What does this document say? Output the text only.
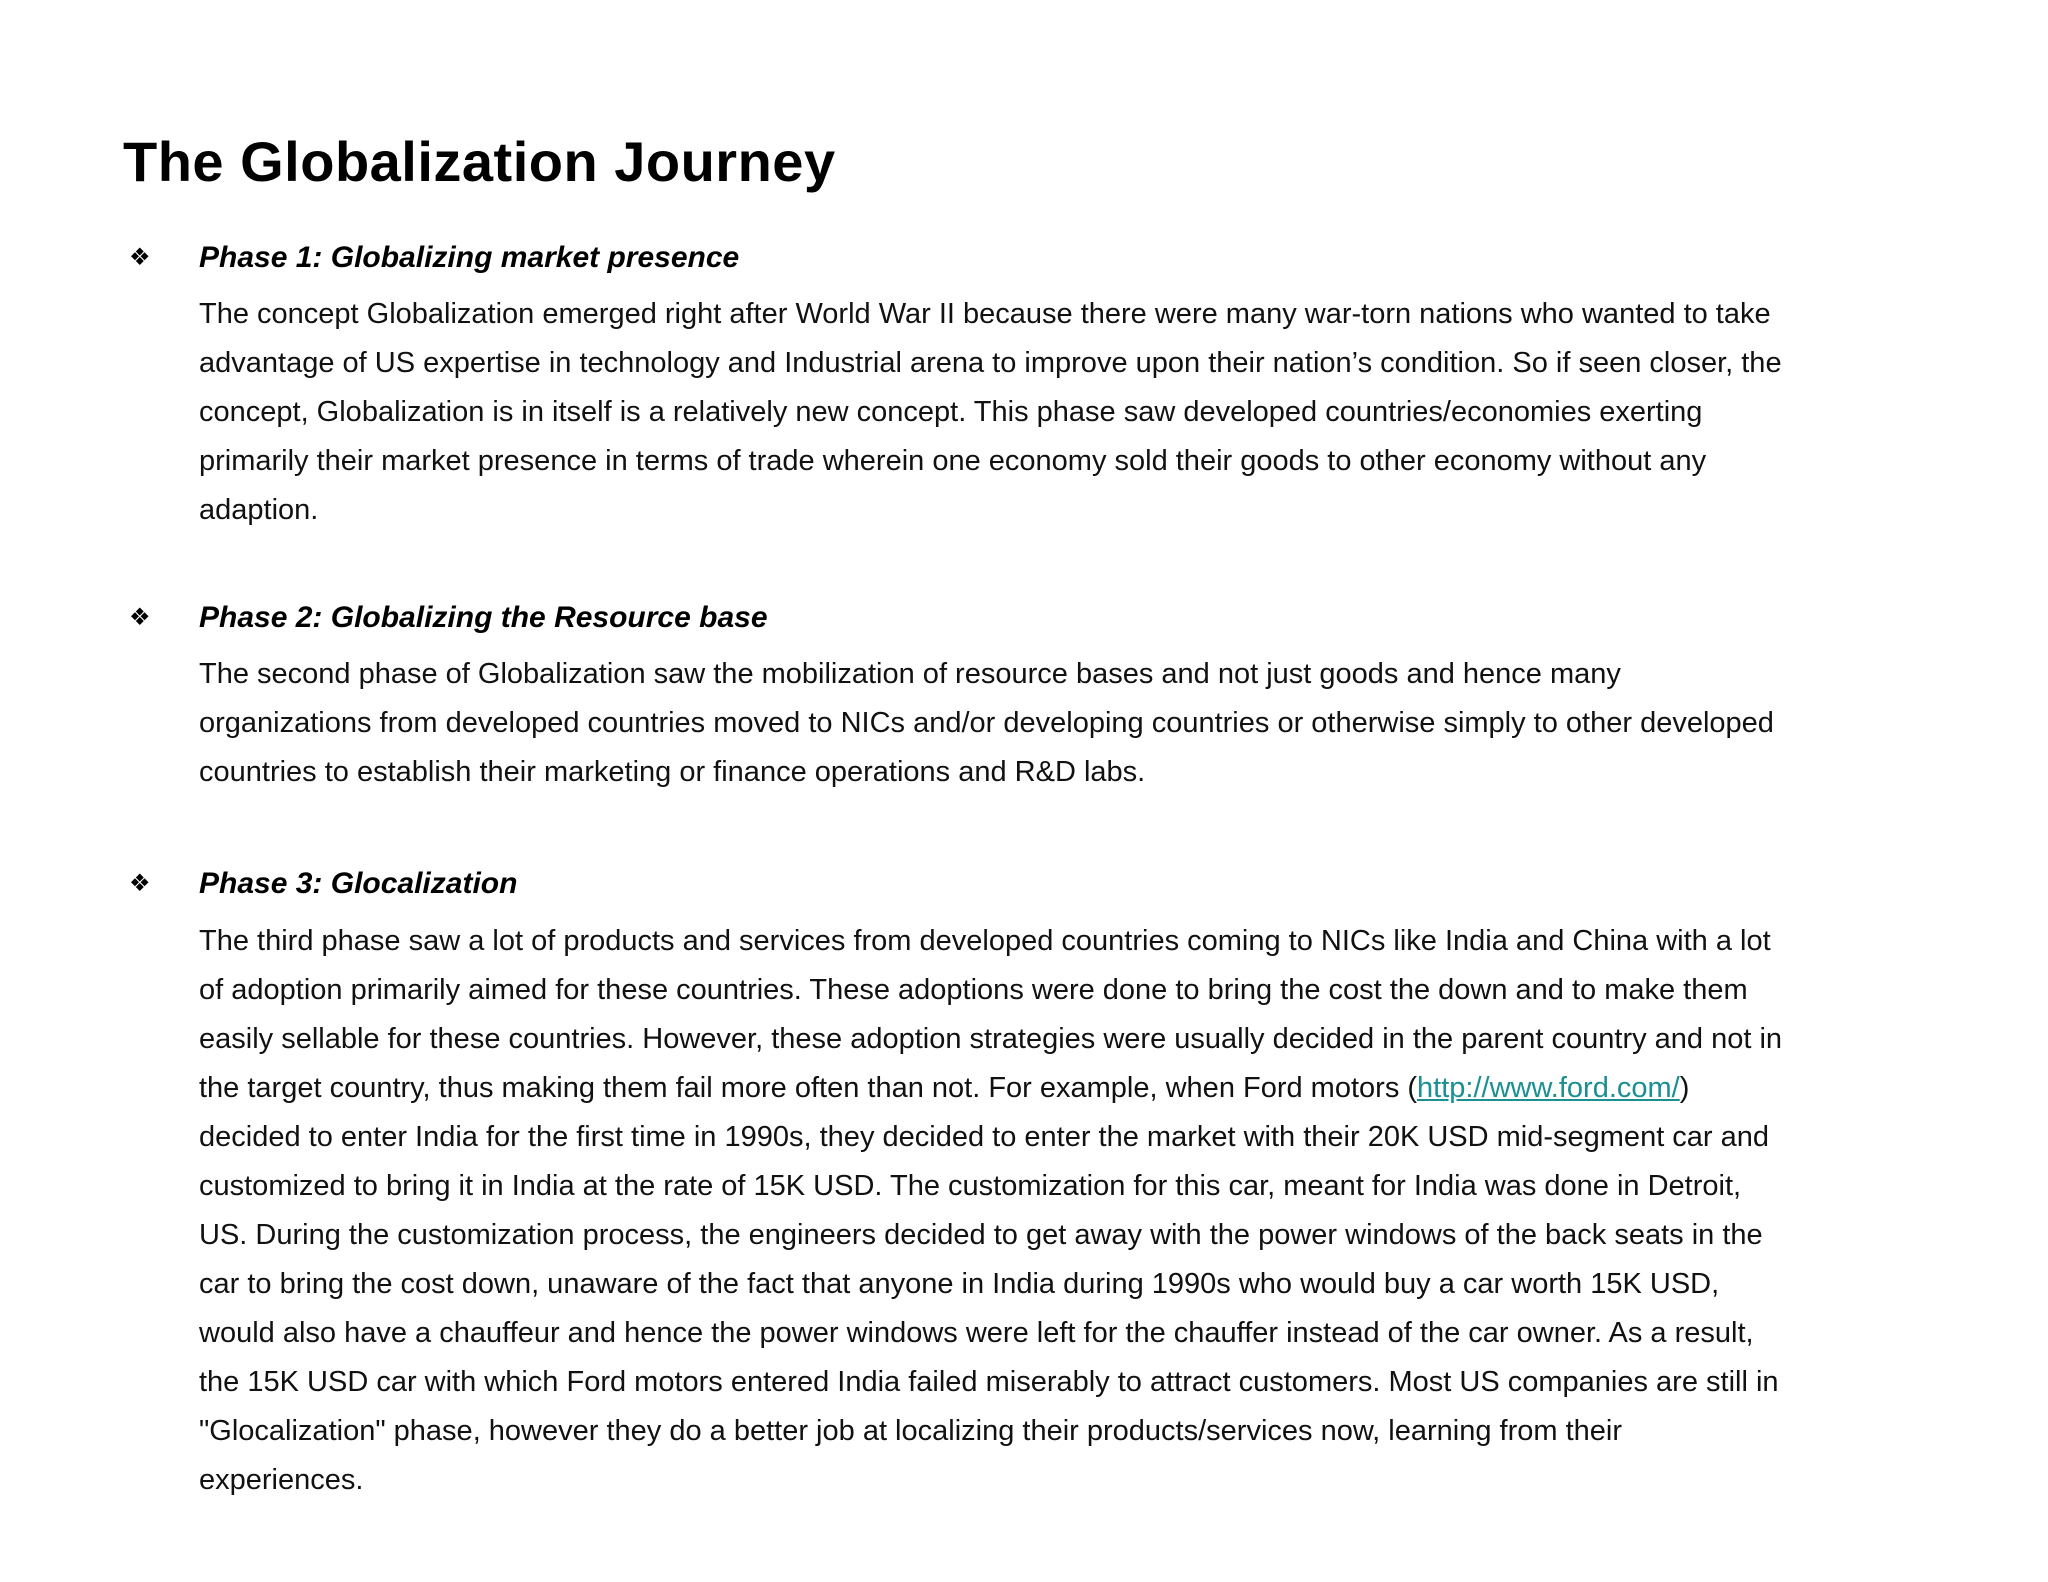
The Globalization Journey
❖ Phase 1: Globalizing market presence

The concept Globalization emerged right after World War II because there were many war-torn nations who wanted to take
advantage of US expertise in technology and Industrial arena to improve upon their nation’s condition. So if seen closer, the
concept, Globalization is in itself is a relatively new concept. This phase saw developed countries/economies exerting
primarily their market presence in terms of trade wherein one economy sold their goods to other economy without any
adaption.

❖ Phase 2: Globalizing the Resource base

The second phase of Globalization saw the mobilization of resource bases and not just goods and hence many
organizations from developed countries moved to NICs and/or developing countries or otherwise simply to other developed
countries to establish their marketing or finance operations and R&D labs.

❖ Phase 3: Glocalization

The third phase saw a lot of products and services from developed countries coming to NICs like India and China with a lot
of adoption primarily aimed for these countries. These adoptions were done to bring the cost the down and to make them
easily sellable for these countries. However, these adoption strategies were usually decided in the parent country and not in
the target country, thus making them fail more often than not. For example, when Ford motors (http://www.ford.com/)
decided to enter India for the first time in 1990s, they decided to enter the market with their 20K USD mid-segment car and
customized to bring it in India at the rate of 15K USD. The customization for this car, meant for India was done in Detroit,
US. During the customization process, the engineers decided to get away with the power windows of the back seats in the
car to bring the cost down, unaware of the fact that anyone in India during 1990s who would buy a car worth 15K USD,
would also have a chauffeur and hence the power windows were left for the chauffer instead of the car owner. As a result,
the 15K USD car with which Ford motors entered India failed miserably to attract customers. Most US companies are still in
"Glocalization" phase, however they do a better job at localizing their products/services now, learning from their
experiences.
